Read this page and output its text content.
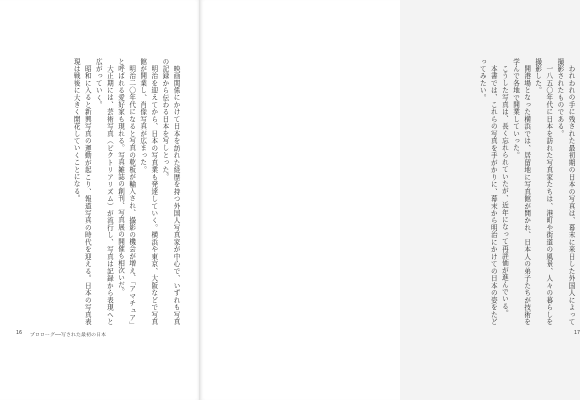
映画関係にかけて日本を訪れた経歴を持つ外国人写真家が中心で、いずれも写真の記録から伝わる日本を写しとった。

明治を迎えてから、日本の写真業も発達していく。横浜や東京、大阪などで写真館が開業し、肖像写真が広まった。

明治二〇年代になると写真の乾板が輸入され、撮影の機会が増え、「アマチュア」と呼ばれる愛好家も現れる。写真雑誌の創刊、写真展の開催も相次いだ。

大正期には、芸術写真（ピクトリアリズム）が流行し、写真は記録から表現へと広がっていく。

昭和に入ると新興写真の運動が起こり、報道写真の時代を迎える。日本の写真表現は戦後に大きく開花していくことになる。

16 プロローグ──写された最初の日本

われわれの手に残された最初期の日本の写真は、幕末に来日した外国人によって撮影されたものである。

一八五〇年代に日本を訪れた写真家たちは、港町や街道の風景、人々の暮らしを撮影した。

開港場となった横浜では、居留地に写真館が開かれ、日本人の弟子たちが技術を学んで各地で開業していった。

こうした写真は、長く忘れられていたが、近年になって再評価が進んでいる。

本書では、これらの写真を手がかりに、幕末から明治にかけての日本の姿をたどってみたい。

17
